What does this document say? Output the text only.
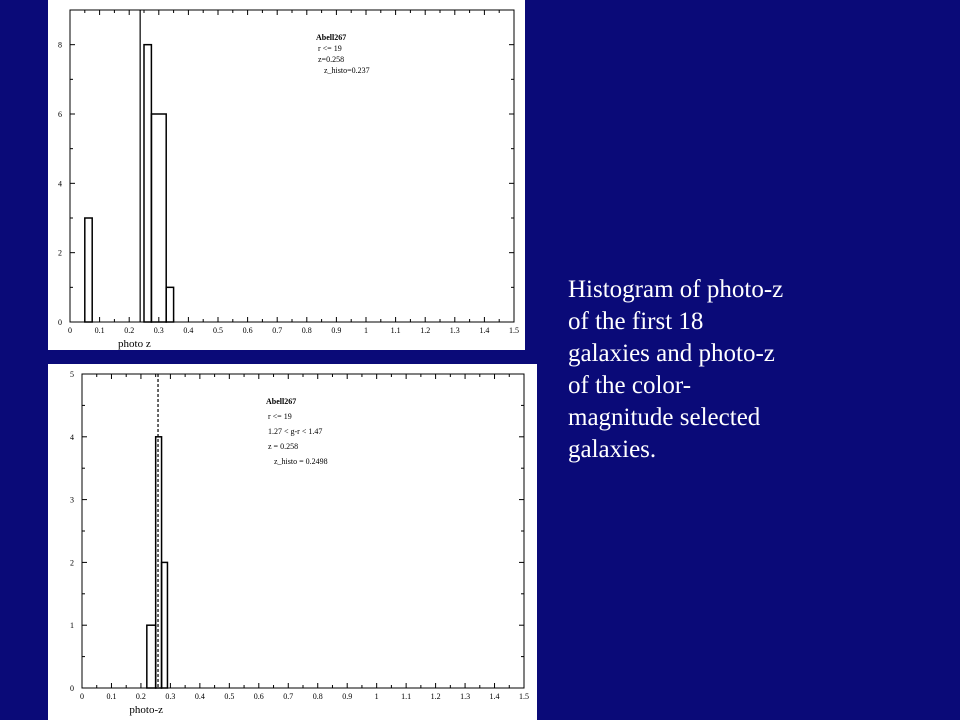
0	0.1 0.2 0.3 0.4 0.5 0.6 0.7 0.8 0.9	1	1.1 1.2 1.3 1.4 1.5
0
2
4
6
8
photo z
Abell267
r <= 19
z=0.258
z_histo=0.237
0	0.1 0.2 0.3 0.4 0.5 0.6 0.7 0.8 0.9	1	1.1 1.2 1.3 1.4 1.5
0
1
2
3
4
5
photo-z
Abell267
r <= 19
1.27 < g-r < 1.47
z = 0.258
z_histo = 0.2498
Histogram of photo-z
of the first 18
galaxies and photo-z
of the color-
magnitude selected
galaxies.
